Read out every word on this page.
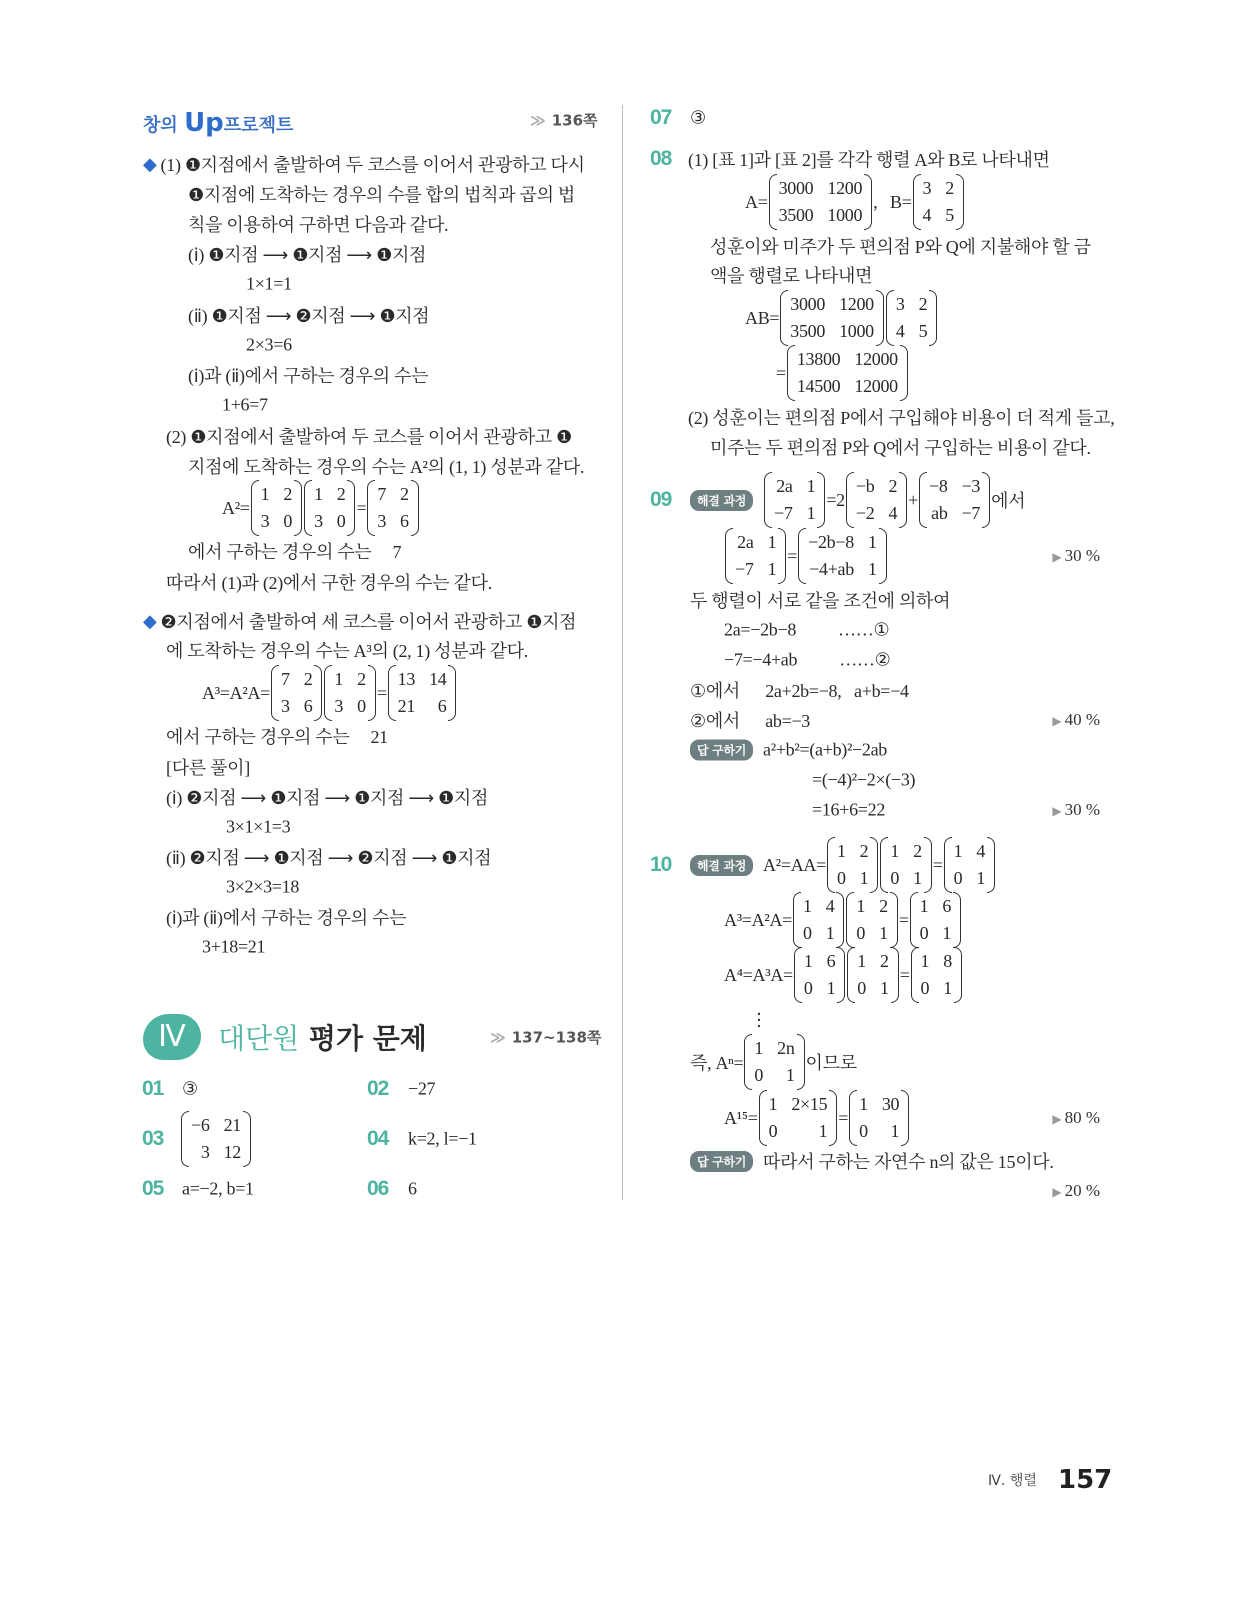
창의 Up프로젝트	≫ 136쪽
◆ (1) ❶지점에서 출발하여 두 코스를 이어서 관광하고 다시
❶지점에 도착하는 경우의 수를 합의 법칙과 곱의 법
칙을 이용하여 구하면 다음과 같다.
(ⅰ) ❶지점 ⟶ ❶지점 ⟶ ❶지점
1×1=1
(ⅱ) ❶지점 ⟶ ❷지점 ⟶ ❶지점
2×3=6
(ⅰ)과 (ⅱ)에서 구하는 경우의 수는
1+6=7
(2) ❶지점에서 출발하여 두 코스를 이어서 관광하고 ❶
지점에 도착하는 경우의 수는 A²의 (1, 1) 성분과 같다.
A²=
1 2
3 0
1 2
3 0
=
7 2
3 6
에서 구하는 경우의 수는     7
따라서 (1)과 (2)에서 구한 경우의 수는 같다.
◆ ❷지점에서 출발하여 세 코스를 이어서 관광하고 ❶지점
에 도착하는 경우의 수는 A³의 (2, 1) 성분과 같다.
A³=A²A=
7 2
3 6
1 2
3 0
=
13 14
21	6
에서 구하는 경우의 수는     21
[다른 풀이]
(ⅰ) ❷지점 ⟶ ❶지점 ⟶ ❶지점 ⟶ ❶지점
3×1×1=3
(ⅱ) ❷지점 ⟶ ❶지점 ⟶ ❷지점 ⟶ ❶지점
3×2×3=18
(ⅰ)과 (ⅱ)에서 구하는 경우의 수는
3+18=21
Ⅳ	대단원 평가 문제	≫ 137~138쪽
01 ③	02 −27
03
−6 21
3 12
04 k=2, l=−1
05 a=−2, b=1	06 6
07 ③
08 (1) [표 1]과 [표 2]를 각각 행렬 A와 B로 나타내면
A=
3000 1200
3500 1000
,   B=
3 2
4 5
성훈이와 미주가 두 편의점 P와 Q에 지불해야 할 금
액을 행렬로 나타내면
AB=
3000 1200
3500 1000
3 2
4 5
=
13800 12000
14500 12000
(2) 성훈이는 편의점 P에서 구입해야 비용이 더 적게 들고,
미주는 두 편의점 P와 Q에서 구입하는 비용이 같다.
09	해결 과정
2a 1
−7 1
=2
−b 2
−2 4
+
−8 −3
ab −7
에서
2a 1
−7 1
=
−2b−8 1
−4+ab 1
▶ 30 %
두 행렬이 서로 같을 조건에 의하여
2a=−2b−8          ……①
−7=−4+ab          ……②
①에서      2a+2b=−8,   a+b=−4
②에서      ab=−3	▶ 40 %
답 구하기 a²+b²=(a+b)²−2ab
=(−4)²−2×(−3)
=16+6=22	▶ 30 %
10	해결 과정 A²=AA=
1 2
0 1
1 2
0 1
=
1 4
0 1
A³=A²A=
1 4
0 1
1 2
0 1
=
1 6
0 1
A⁴=A³A=
1 6
0 1
1 2
0 1
=
1 8
0 1
⋮
즉, Aⁿ=
1 2n
0	1
이므로
A¹⁵=
1 2×15
0	1
=
1 30
0	1
▶ 80 %
답 구하기 따라서 구하는 자연수 n의 값은 15이다.
▶ 20 %
Ⅳ. 행렬 157
